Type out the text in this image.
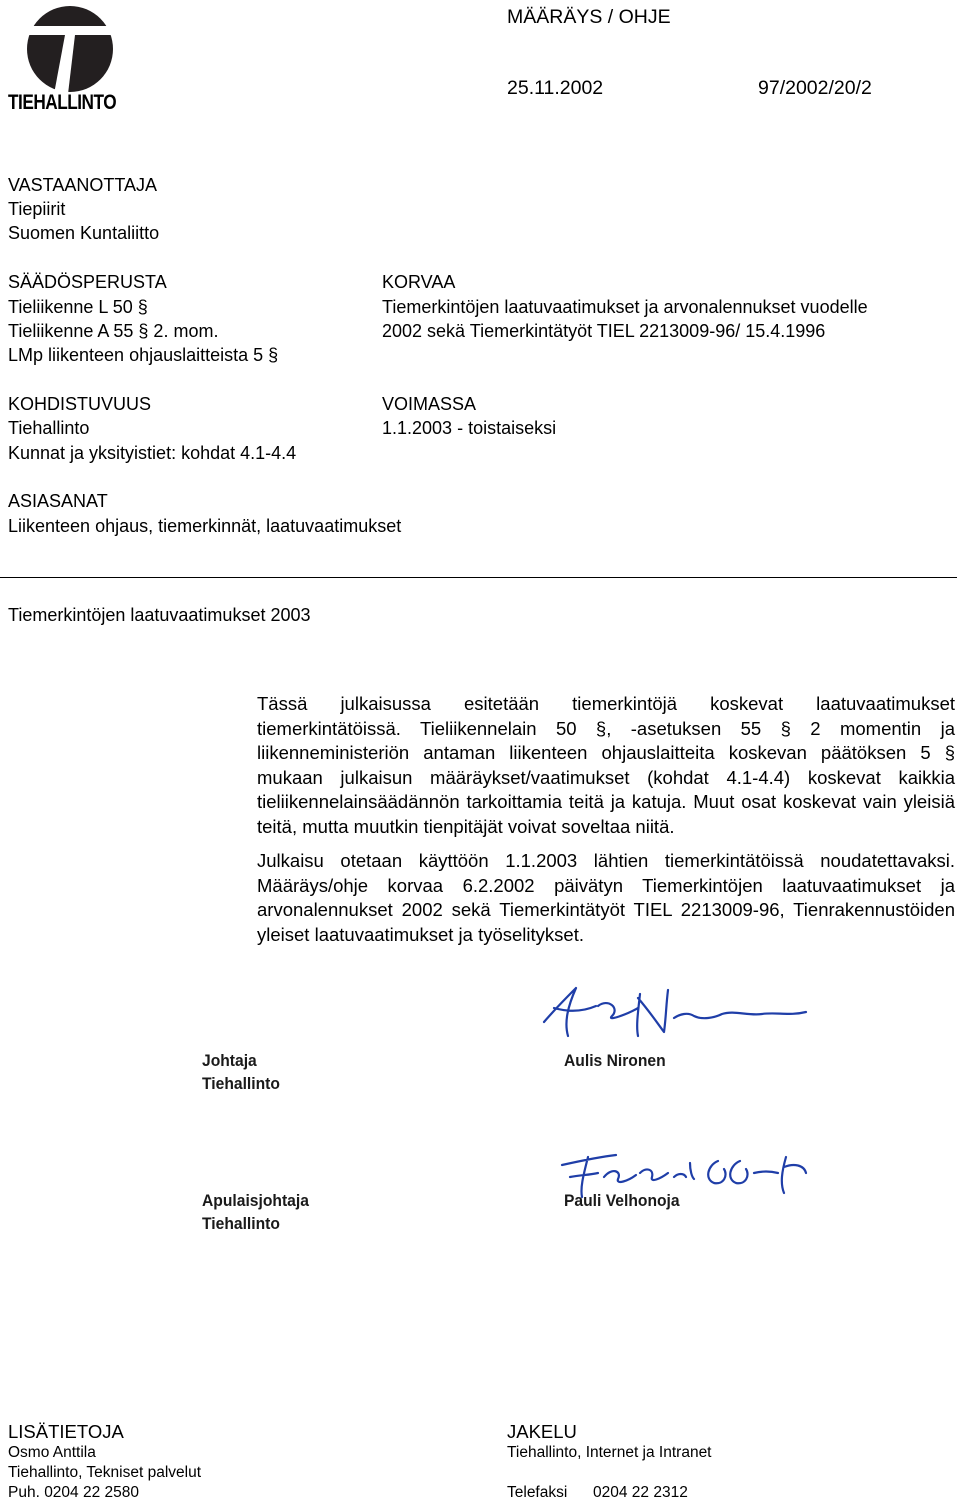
TIEHALLINTO
MÄÄRÄYS / OHJE
25.11.2002	97/2002/20/2
VASTAANOTTAJA
Tiepiirit
Suomen Kuntaliitto
SÄÄDÖSPERUSTA
Tieliikenne L 50 §
Tieliikenne A 55 § 2. mom.
LMp liikenteen ohjauslaitteista 5 §
KORVAA
Tiemerkintöjen laatuvaatimukset ja arvonalennukset vuodelle
2002 sekä Tiemerkintätyöt TIEL 2213009-96/ 15.4.1996
KOHDISTUVUUS
Tiehallinto
Kunnat ja yksityistiet: kohdat 4.1-4.4
VOIMASSA
1.1.2003 - toistaiseksi
ASIASANAT
Liikenteen ohjaus, tiemerkinnät, laatuvaatimukset
Tiemerkintöjen laatuvaatimukset 2003
Tässä julkaisussa esitetään tiemerkintöjä koskevat laatuvaatimukset tiemerkintätöissä. Tieliikennelain 50 §, -asetuksen 55 § 2 momentin ja liikenneministeriön antaman liikenteen ohjauslaitteita koskevan päätöksen 5 § mukaan julkaisun määräykset/vaatimukset (kohdat 4.1-4.4) koskevat kaikkia tieliikennelainsäädännön tarkoittamia teitä ja katuja. Muut osat koskevat vain yleisiä teitä, mutta muutkin tienpitäjät voivat soveltaa niitä.
Julkaisu otetaan käyttöön 1.1.2003 lähtien tiemerkintätöissä noudatettavaksi. Määräys/ohje korvaa 6.2.2002 päivätyn Tiemerkintöjen laatuvaatimukset ja arvonalennukset 2002 sekä Tiemerkintätyöt TIEL 2213009-96, Tienrakennustöiden yleiset laatuvaatimukset ja työselitykset.
Johtaja
Tiehallinto
Aulis Nironen
Apulaisjohtaja
Tiehallinto
Pauli Velhonoja
LISÄTIETOJA
Osmo Anttila
Tiehallinto, Tekniset palvelut
Puh. 0204 22 2580
JAKELU
Tiehallinto, Internet ja Intranet
Telefaksi 0204 22 2312
